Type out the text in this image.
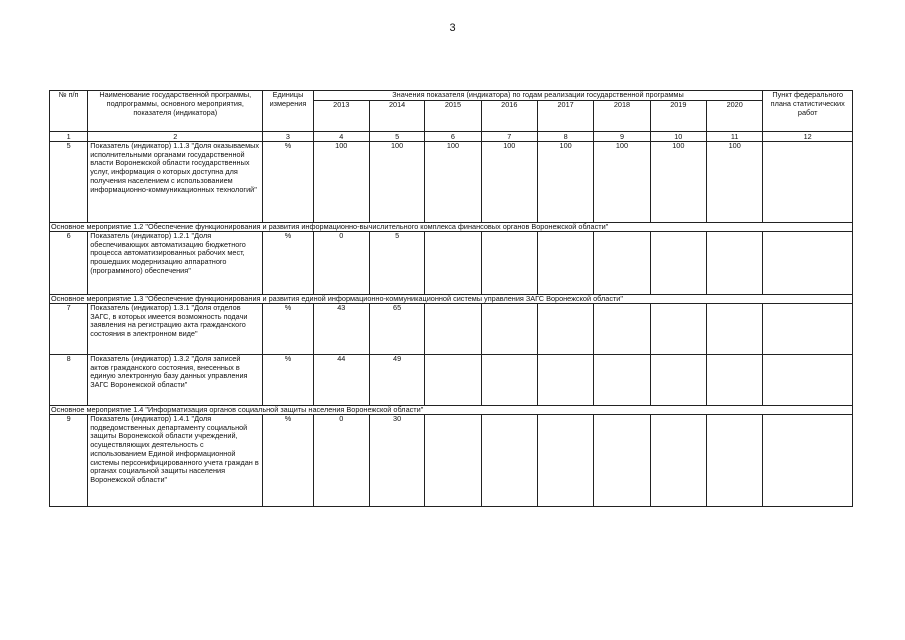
3
№ п/п	Наименование государственной программы, подпрограммы, основного мероприятия, показателя (индикатора)	Единицы измерения	Значения показателя (индикатора) по годам реализации государственной программы								Пункт федерального плана статистических работ
			2013	2014	2015	2016	2017	2018	2019	2020	
1	2	3	4	5	6	7	8	9	10	11	12
5	Показатель (индикатор) 1.1.3 "Доля оказываемых исполнительными органами государственной власти Воронежской области государственных услуг, информация о которых доступна для получения населением с использованием информационно-коммуникационных технологий"	%	100	100	100	100	100	100	100	100	
Основное мероприятие 1.2 "Обеспечение функционирования и развития информационно-вычислительного комплекса финансовых органов Воронежской области"											
6	Показатель (индикатор) 1.2.1 "Доля обеспечивающих автоматизацию бюджетного процесса автоматизированных рабочих мест, прошедших модернизацию аппаратного (программного) обеспечения"	%	0	5							
Основное мероприятие 1.3 "Обеспечение функционирования и развития единой информационно-коммуникационной системы управления ЗАГС Воронежской области"											
7	Показатель (индикатор) 1.3.1 "Доля отделов ЗАГС, в которых имеется возможность подачи заявления на регистрацию акта гражданского состояния в электронном виде"	%	43	65							
8	Показатель (индикатор) 1.3.2 "Доля записей актов гражданского состояния, внесенных в единую электронную базу данных управления ЗАГС Воронежской области"	%	44	49							
Основное мероприятие 1.4 "Информатизация органов социальной защиты населения Воронежской области"											
9	Показатель (индикатор) 1.4.1 "Доля подведомственных департаменту социальной защиты Воронежской области учреждений, осуществляющих деятельность с использованием Единой информационной системы персонифицированного учета граждан в органах социальной защиты населения Воронежской области"	%	0	30							
